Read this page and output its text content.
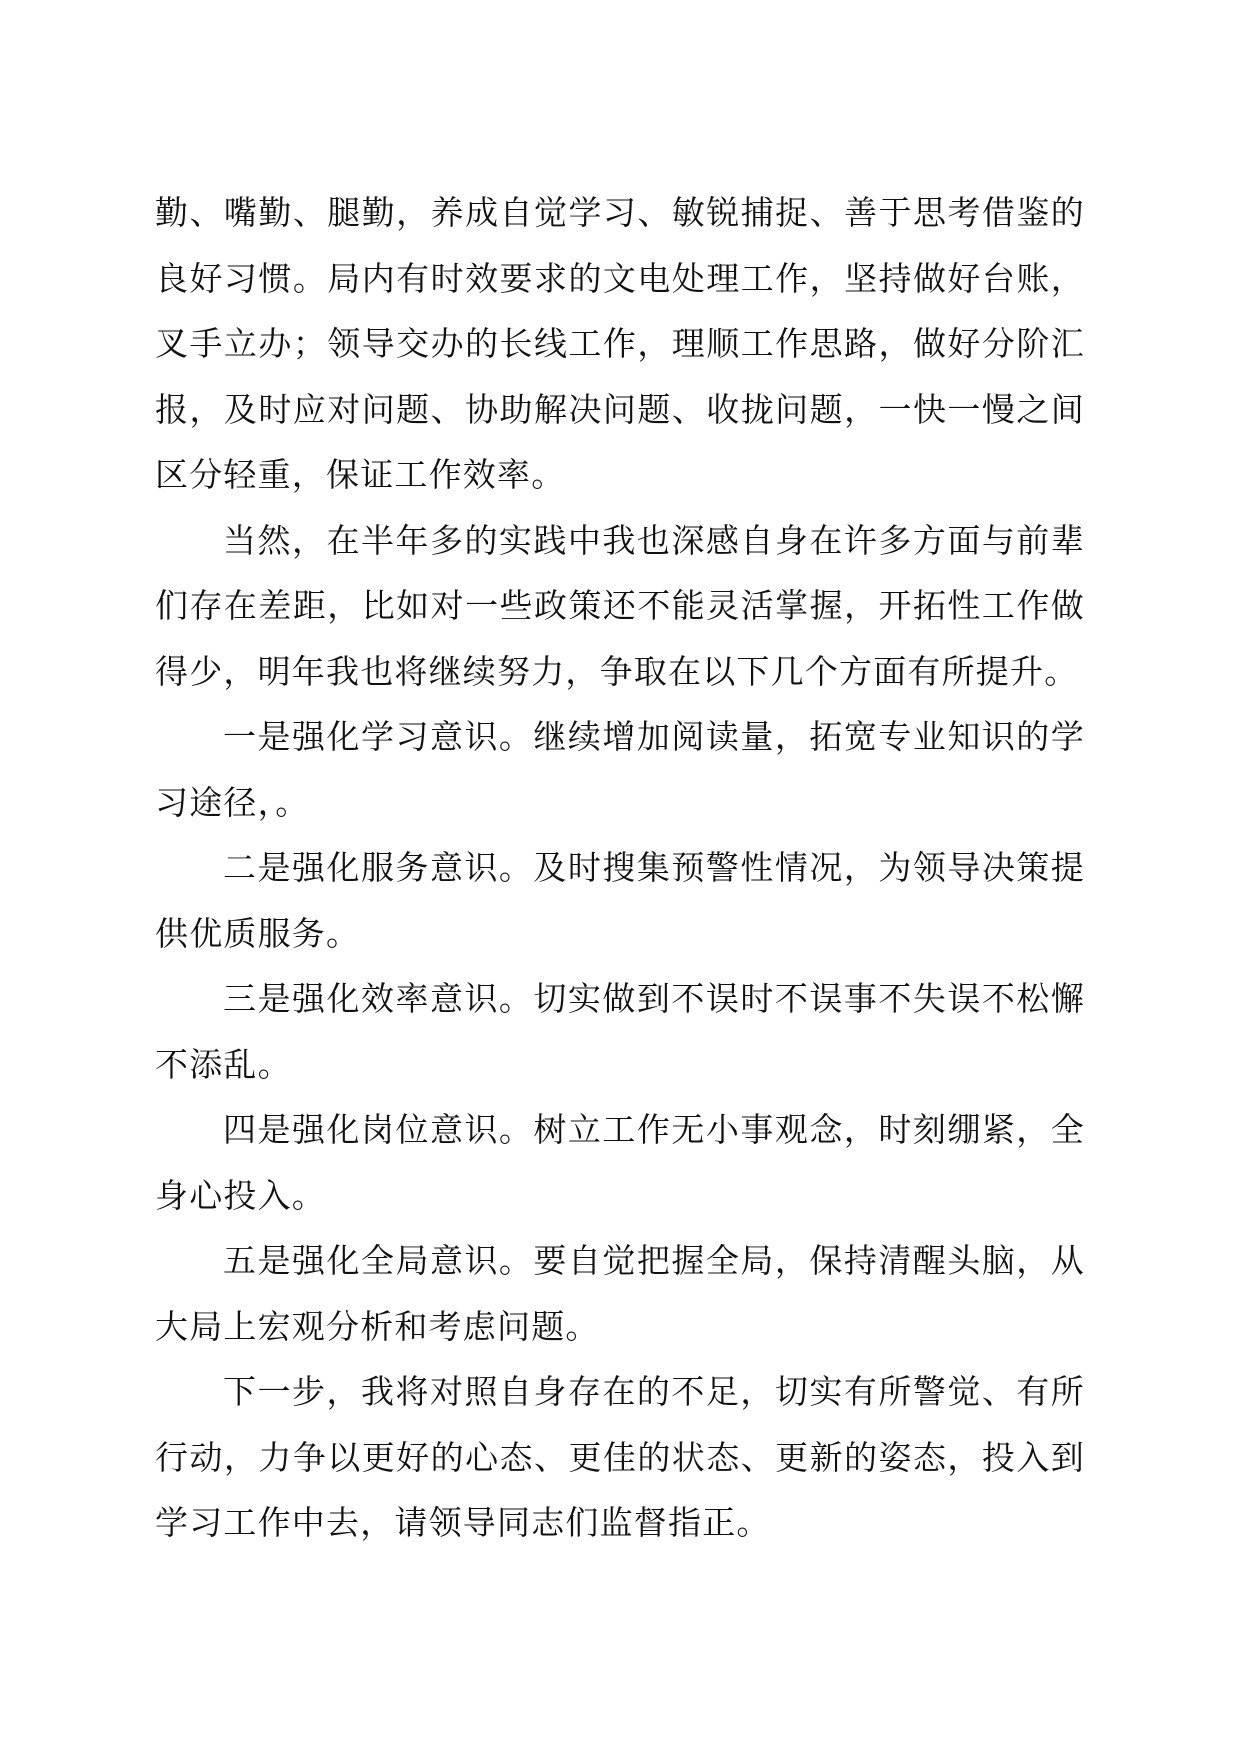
勤、嘴勤、腿勤，养成自觉学习、敏锐捕捉、善于思考借鉴的良好习惯。局内有时效要求的文电处理工作，坚持做好台账，叉手立办；领导交办的长线工作，理顺工作思路，做好分阶汇报，及时应对问题、协助解决问题、收拢问题，一快一慢之间区分轻重，保证工作效率。

当然，在半年多的实践中我也深感自身在许多方面与前辈们存在差距，比如对一些政策还不能灵活掌握，开拓性工作做得少，明年我也将继续努力，争取在以下几个方面有所提升。

一是强化学习意识。继续增加阅读量，拓宽专业知识的学习途径，。

二是强化服务意识。及时搜集预警性情况，为领导决策提供优质服务。

三是强化效率意识。切实做到不误时不误事不失误不松懈不添乱。

四是强化岗位意识。树立工作无小事观念，时刻绷紧，全身心投入。

五是强化全局意识。要自觉把握全局，保持清醒头脑，从大局上宏观分析和考虑问题。

下一步，我将对照自身存在的不足，切实有所警觉、有所行动，力争以更好的心态、更佳的状态、更新的姿态，投入到学习工作中去，请领导同志们监督指正。
